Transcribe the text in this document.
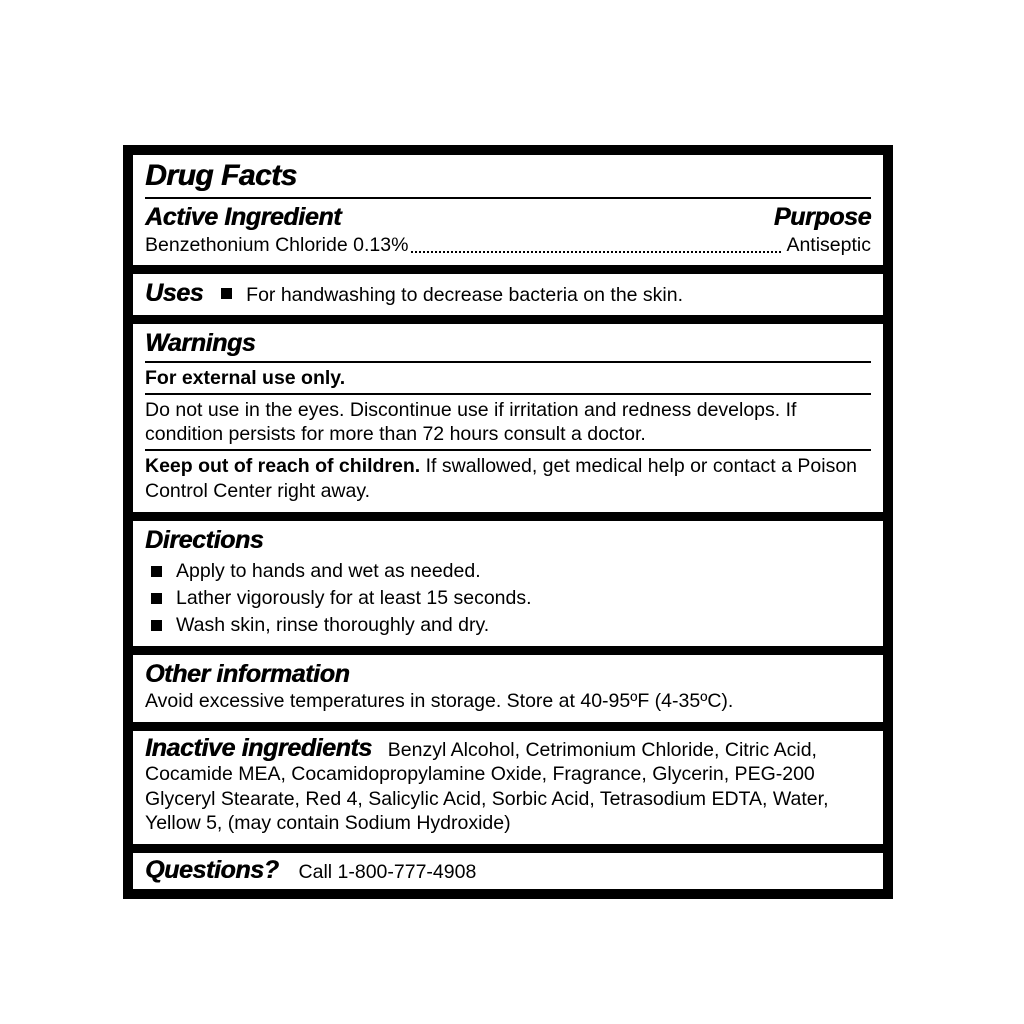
Drug Facts
Active Ingredient	Purpose
Benzethonium Chloride 0.13%	Antiseptic
Uses For handwashing to decrease bacteria on the skin.
Warnings

For external use only.

Do not use in the eyes. Discontinue use if irritation and redness develops. If condition persists for more than 72 hours consult a doctor.

Keep out of reach of children. If swallowed, get medical help or contact a Poison Control Center right away.

Directions
Apply to hands and wet as needed.
Lather vigorously for at least 15 seconds.
Wash skin, rinse thoroughly and dry.
Other information

Avoid excessive temperatures in storage. Store at 40-95ºF (4-35ºC).

Inactive ingredients Benzyl Alcohol, Cetrimonium Chloride, Citric Acid, Cocamide MEA, Cocamidopropylamine Oxide, Fragrance, Glycerin, PEG-200 Glyceryl Stearate, Red 4, Salicylic Acid, Sorbic Acid, Tetrasodium EDTA, Water, Yellow 5, (may contain Sodium Hydroxide)

Questions? Call 1-800-777-4908
